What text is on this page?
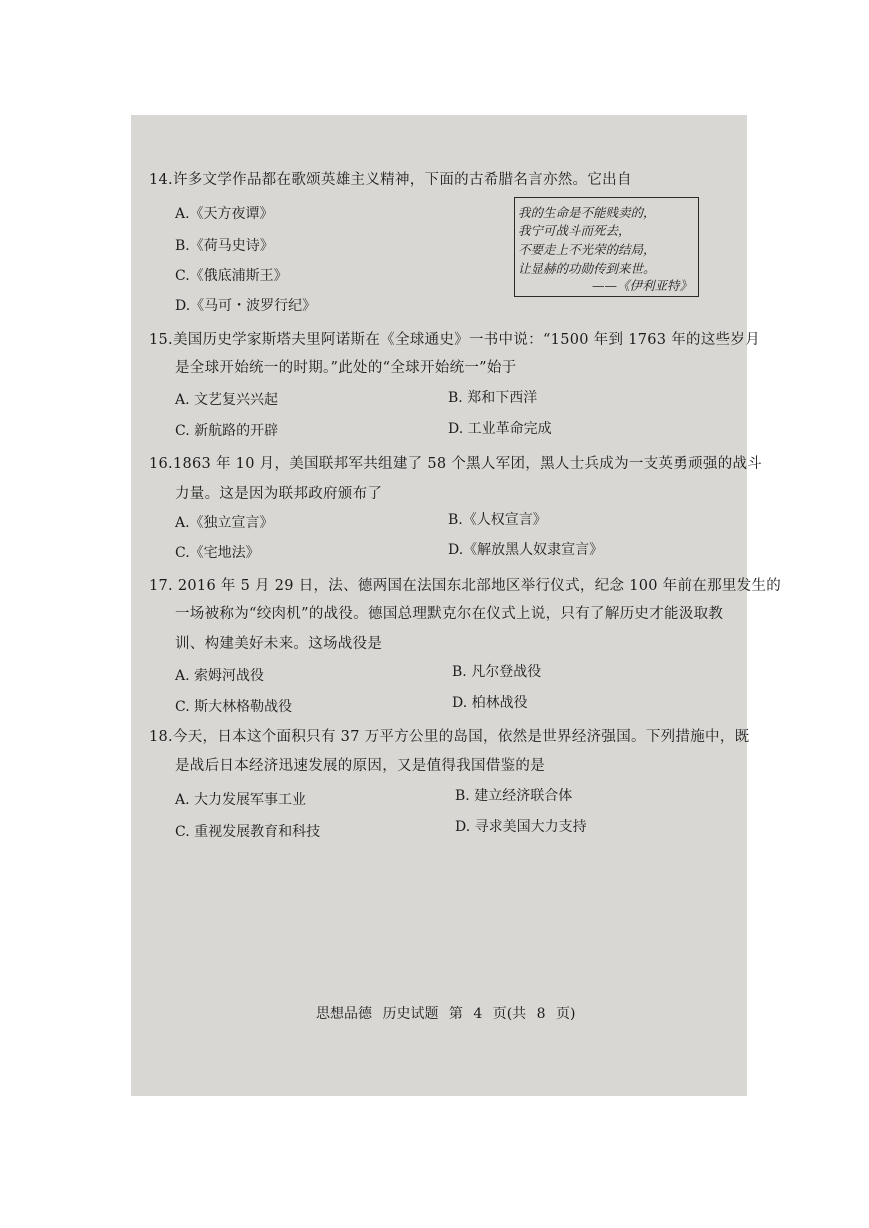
14.许多文学作品都在歌颂英雄主义精神，下面的古希腊名言亦然。它出自
A.《天方夜谭》
B.《荷马史诗》
C.《俄底浦斯王》
D.《马可・波罗行纪》
我的生命是不能贱卖的，
我宁可战斗而死去，
不要走上不光荣的结局，
让显赫的功勋传到来世。
——《伊利亚特》
15.美国历史学家斯塔夫里阿诺斯在《全球通史》一书中说：“1500 年到 1763 年的这些岁月
是全球开始统一的时期。”此处的“全球开始统一”始于
A. 文艺复兴兴起	B. 郑和下西洋
C. 新航路的开辟	D. 工业革命完成
16.1863 年 10 月，美国联邦军共组建了 58 个黑人军团，黑人士兵成为一支英勇顽强的战斗
力量。这是因为联邦政府颁布了
A.《独立宣言》	B.《人权宣言》
C.《宅地法》	D.《解放黑人奴隶宣言》
17. 2016 年 5 月 29 日，法、德两国在法国东北部地区举行仪式，纪念 100 年前在那里发生的
一场被称为“绞肉机”的战役。德国总理默克尔在仪式上说，只有了解历史才能汲取教
训、构建美好未来。这场战役是
A. 索姆河战役	B. 凡尔登战役
C. 斯大林格勒战役	D. 柏林战役
18.今天，日本这个面积只有 37 万平方公里的岛国，依然是世界经济强国。下列措施中，既
是战后日本经济迅速发展的原因，又是值得我国借鉴的是
A. 大力发展军事工业	B. 建立经济联合体
C. 重视发展教育和科技	D. 寻求美国大力支持
思想品德 历史试题 第 4 页(共 8 页)
